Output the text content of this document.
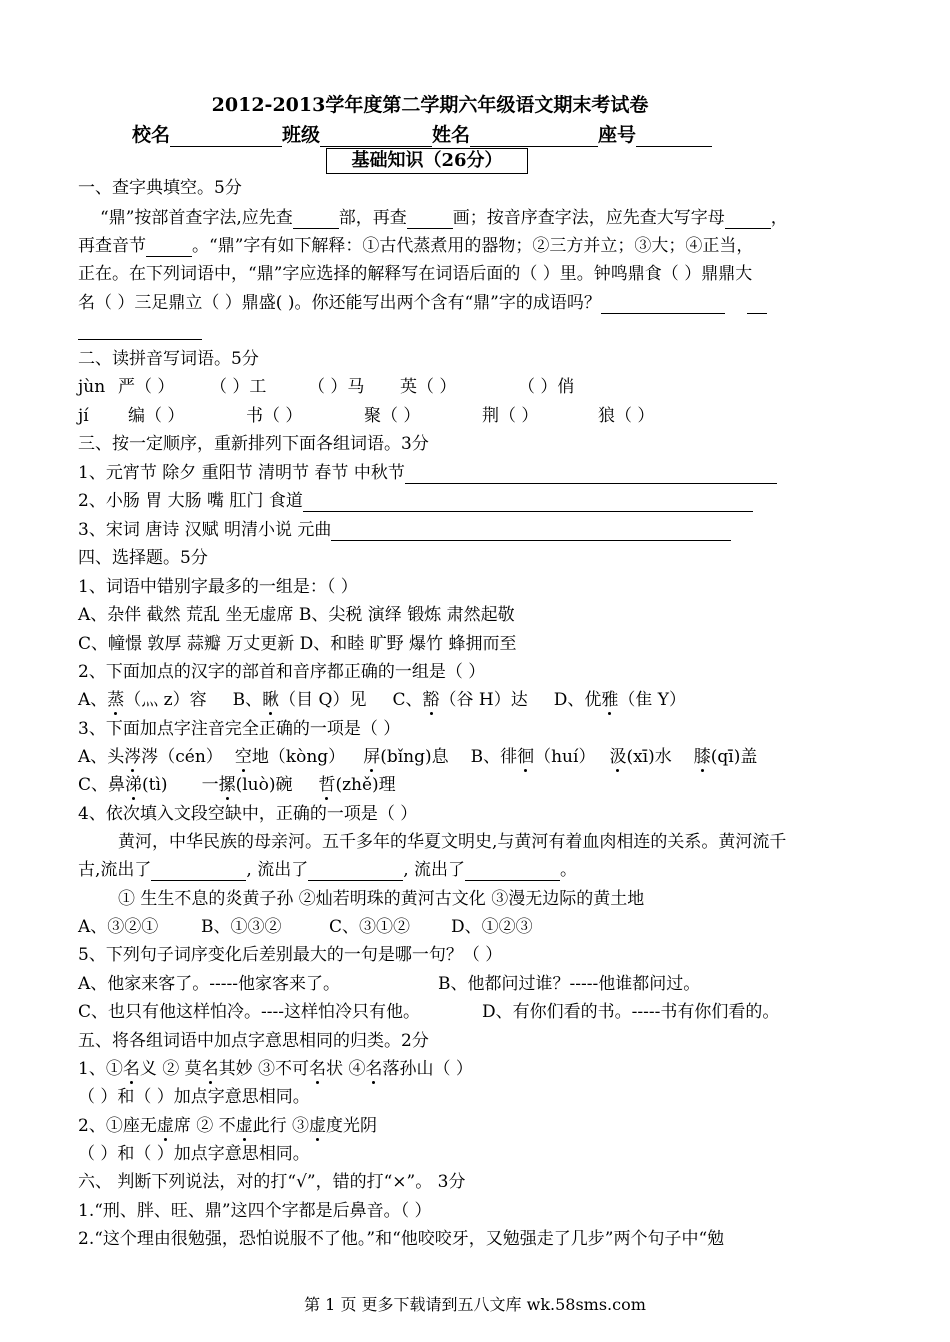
2012-2013学年度第二学期六年级语文期末考试卷
校名	班级	姓名	座号
基础知识（26分）
一、查字典填空。5分
“鼎”按部首查字法,应先查	部，再查	画；按音序查字法，应先查大写字母	，
再查音节	。“鼎”字有如下解释：①古代蒸煮用的器物；②三方并立；③大；④正当，
正在。在下列词语中，“鼎”字应选择的解释写在词语后面的（ ）里。钟鸣鼎食（ ）鼎鼎大
名（ ）三足鼎立（ ）鼎盛( )。你还能写出两个含有“鼎”字的成语吗？
二、读拼音写词语。5分
jùn 严（ ） （ ）工 （ ）马 英（ ）	（ ）俏
jí 编（ ）	书（ ）	聚（ ）	荆（ ）	狼（ ）
三、按一定顺序，重新排列下面各组词语。3分
1、元宵节 除夕 重阳节 清明节 春节 中秋节
2、小肠 胃 大肠 嘴 肛门 食道
3、宋词 唐诗 汉赋 明清小说 元曲
四、选择题。5分
1、词语中错别字最多的一组是：（ ）
A、杂伴 截然 荒乱 坐无虚席 B、尖税 演绎 锻炼 肃然起敬
C、幢憬 敦厚 蒜瓣 万丈更新 D、和睦 旷野 爆竹 蜂拥而至
2、下面加点的汉字的部首和音序都正确的一组是（ ）
A、蒸（灬 z）容 B、瞅（目 Q）见 C、豁（谷 H）达 D、优雅（隹 Y）
3、下面加点字注音完全正确的一项是（ ）
A、头涔涔（cén） 空地（kòng） 屏(bǐng)息 B、徘徊（huí） 汲(xī)水 膝(qī)盖
C、鼻涕(tì) 一摞(luò)碗 哲(zhě)理
4、依次填入文段空缺中，正确的一项是（ ）
黄河，中华民族的母亲河。五千多年的华夏文明史,与黄河有着血肉相连的关系。黄河流千
古,流出了	, 流出了	, 流出了	。
① 生生不息的炎黄子孙 ②灿若明珠的黄河古文化 ③漫无边际的黄土地
A、③②①	B、①③②	C、③①② D、①②③
5、下列句子词序变化后差别最大的一句是哪一句？（ ）
A、他家来客了。-----他家客来了。	B、他都问过谁？-----他谁都问过。
C、也只有他这样怕冷。----这样怕冷只有他。	D、有你们看的书。-----书有你们看的。
五、将各组词语中加点字意思相同的归类。2分
1、①名义 ② 莫名其妙 ③不可名状 ④名落孙山（ ）
（ ）和（ ）加点字意思相同。
2、①座无虚席 ② 不虚此行 ③虚度光阴
（ ）和（ ）加点字意思相同。
六、 判断下列说法，对的打“√”，错的打“×”。 3分
1.“刑、胖、旺、鼎”这四个字都是后鼻音。（ ）
2.“这个理由很勉强，恐怕说服不了他。”和“他咬咬牙，又勉强走了几步”两个句子中“勉
第 1 页 更多下载请到五八文库 wk.58sms.com
